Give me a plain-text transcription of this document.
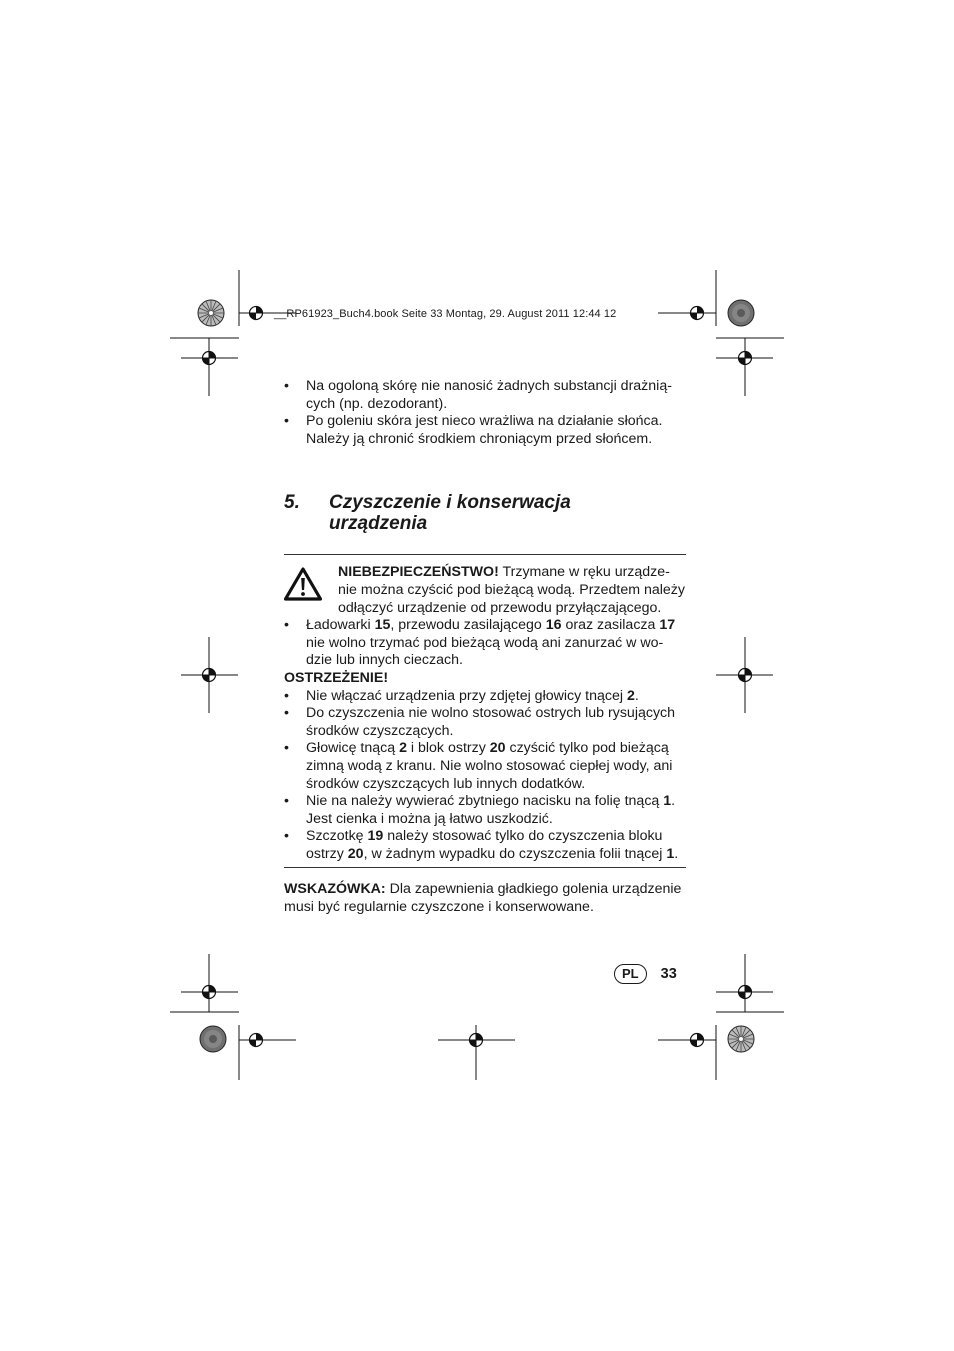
__RP61923_Buch4.book Seite 33 Montag, 29. August 2011 12:44 12
• Na ogoloną skórę nie nanosić żadnych substancji drażnią-
cych (np. dezodorant).
• Po goleniu skóra jest nieco wrażliwa na działanie słońca.
Należy ją chronić środkiem chroniącym przed słońcem.
5. Czyszczenie i konserwacja
urządzenia
NIEBEZPIECZEŃSTWO! Trzymane w ręku urządze-
nie można czyścić pod bieżącą wodą. Przedtem należy
odłączyć urządzenie od przewodu przyłączającego.
• Ładowarki 15, przewodu zasilającego 16 oraz zasilacza 17
nie wolno trzymać pod bieżącą wodą ani zanurzać w wo-
dzie lub innych cieczach.
OSTRZEŻENIE!
• Nie włączać urządzenia przy zdjętej głowicy tnącej 2.
• Do czyszczenia nie wolno stosować ostrych lub rysujących
środków czyszczących.
• Głowicę tnącą 2 i blok ostrzy 20 czyścić tylko pod bieżącą
zimną wodą z kranu. Nie wolno stosować ciepłej wody, ani
środków czyszczących lub innych dodatków.
• Nie na należy wywierać zbytniego nacisku na folię tnącą 1.
Jest cienka i można ją łatwo uszkodzić.
• Szczotkę 19 należy stosować tylko do czyszczenia bloku
ostrzy 20, w żadnym wypadku do czyszczenia folii tnącej 1.
WSKAZÓWKA: Dla zapewnienia gładkiego golenia urządzenie
musi być regularnie czyszczone i konserwowane.
PL	33
